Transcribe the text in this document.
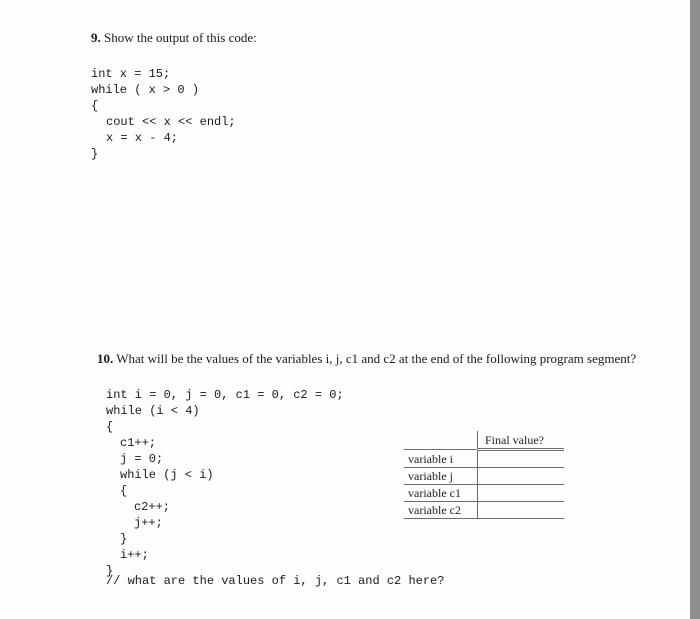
9. Show the output of this code:
int x = 15;
while ( x > 0 )
{
cout << x << endl;
x = x - 4;
}
10. What will be the values of the variables i, j, c1 and c2 at the end of the following program segment?
int i = 0, j = 0, c1 = 0, c2 = 0;
while (i < 4)
{
c1++;
j = 0;
while (j < i)
{
c2++;
j++;
}
i++;
}
// what are the values of i, j, c1 and c2 here?
	Final value?
variable i	
variable j	
variable c1	
variable c2	
